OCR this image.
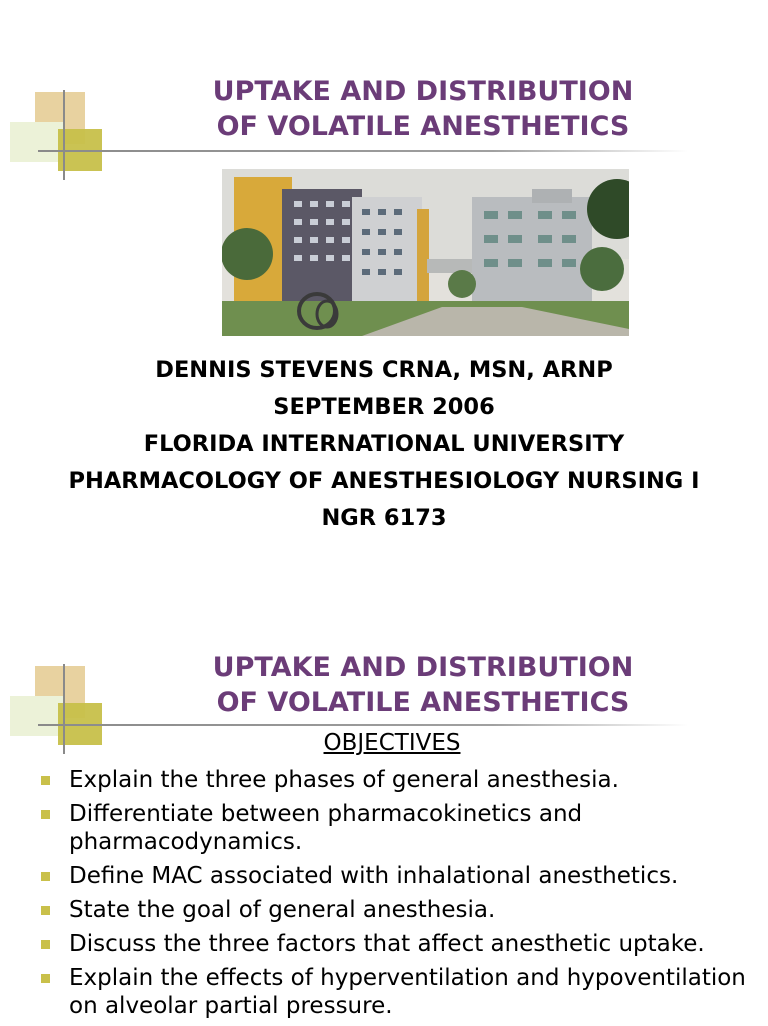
UPTAKE AND DISTRIBUTION
OF VOLATILE ANESTHETICS
DENNIS STEVENS CRNA, MSN, ARNP
SEPTEMBER 2006
FLORIDA INTERNATIONAL UNIVERSITY
PHARMACOLOGY OF ANESTHESIOLOGY NURSING I
NGR 6173
UPTAKE AND DISTRIBUTION
OF VOLATILE ANESTHETICS
OBJECTIVES
Explain the three phases of general anesthesia.
Differentiate between pharmacokinetics and pharmacodynamics.
Define MAC associated with inhalational anesthetics.
State the goal of general anesthesia.
Discuss the three factors that affect anesthetic uptake.
Explain the effects of hyperventilation and hypoventilation on alveolar partial pressure.
